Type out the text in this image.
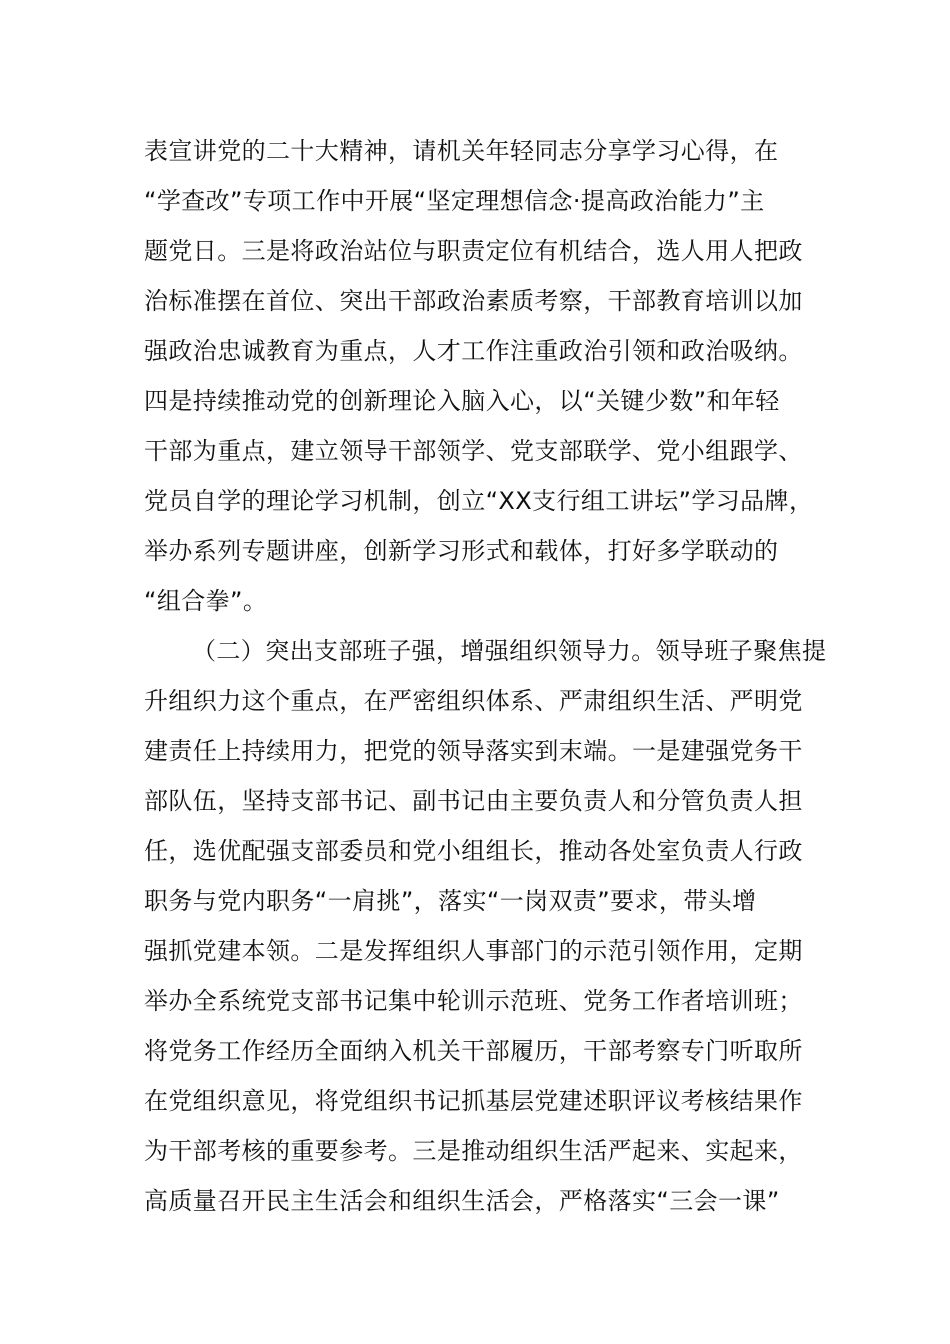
表宣讲党的二十大精神，请机关年轻同志分享学习心得，在
“学查改”专项工作中开展“坚定理想信念·提高政治能力”主
题党日。三是将政治站位与职责定位有机结合，选人用人把政
治标准摆在首位、突出干部政治素质考察，干部教育培训以加
强政治忠诚教育为重点，人才工作注重政治引领和政治吸纳。
四是持续推动党的创新理论入脑入心，以“关键少数”和年轻
干部为重点，建立领导干部领学、党支部联学、党小组跟学、
党员自学的理论学习机制，创立“XX支行组工讲坛”学习品牌，
举办系列专题讲座，创新学习形式和载体，打好多学联动的
“组合拳”。
（二）突出支部班子强，增强组织领导力。领导班子聚焦提
升组织力这个重点，在严密组织体系、严肃组织生活、严明党
建责任上持续用力，把党的领导落实到末端。一是建强党务干
部队伍，坚持支部书记、副书记由主要负责人和分管负责人担
任，选优配强支部委员和党小组组长，推动各处室负责人行政
职务与党内职务“一肩挑”，落实“一岗双责”要求，带头增
强抓党建本领。二是发挥组织人事部门的示范引领作用，定期
举办全系统党支部书记集中轮训示范班、党务工作者培训班；
将党务工作经历全面纳入机关干部履历，干部考察专门听取所
在党组织意见，将党组织书记抓基层党建述职评议考核结果作
为干部考核的重要参考。三是推动组织生活严起来、实起来，
高质量召开民主生活会和组织生活会，严格落实“三会一课”
